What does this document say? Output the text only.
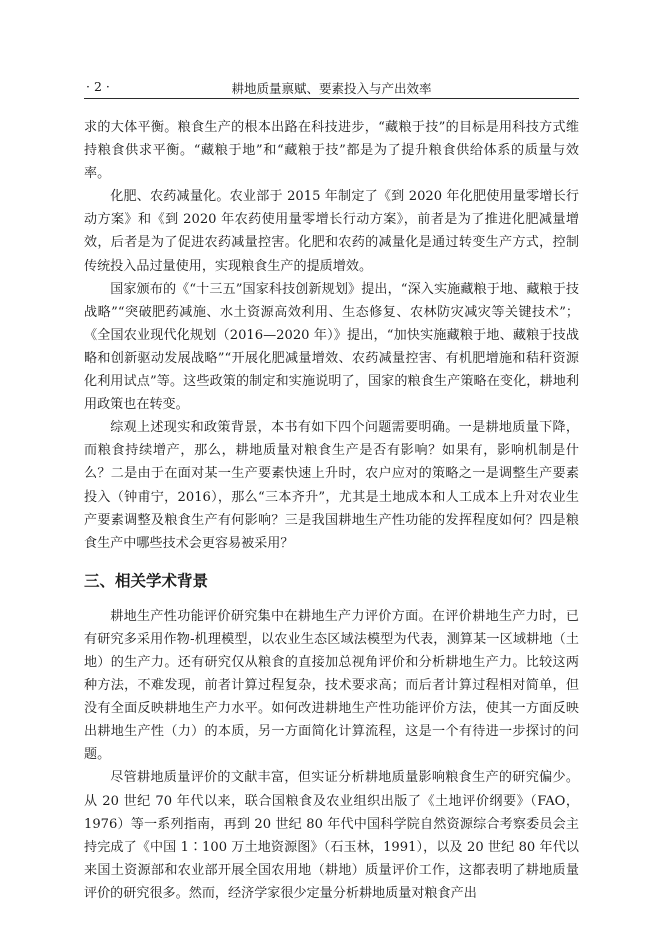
· 2 ·	耕地质量禀赋、要素投入与产出效率

求的大体平衡。粮食生产的根本出路在科技进步，“藏粮于技”的目标是用科技方式维持粮食供求平衡。“藏粮于地”和“藏粮于技”都是为了提升粮食供给体系的质量与效率。

化肥、农药减量化。农业部于 2015 年制定了《到 2020 年化肥使用量零增长行动方案》和《到 2020 年农药使用量零增长行动方案》，前者是为了推进化肥减量增效，后者是为了促进农药减量控害。化肥和农药的减量化是通过转变生产方式，控制传统投入品过量使用，实现粮食生产的提质增效。

国家颁布的《“十三五”国家科技创新规划》提出，“深入实施藏粮于地、藏粮于技战略”“突破肥药减施、水土资源高效利用、生态修复、农林防灾减灾等关键技术”；《全国农业现代化规划（2016—2020 年）》提出，“加快实施藏粮于地、藏粮于技战略和创新驱动发展战略”“开展化肥减量增效、农药减量控害、有机肥增施和秸秆资源化利用试点”等。这些政策的制定和实施说明了，国家的粮食生产策略在变化，耕地利用政策也在转变。

综观上述现实和政策背景，本书有如下四个问题需要明确。一是耕地质量下降，而粮食持续增产，那么，耕地质量对粮食生产是否有影响？如果有，影响机制是什么？二是由于在面对某一生产要素快速上升时，农户应对的策略之一是调整生产要素投入（钟甫宁，2016），那么“三本齐升”，尤其是土地成本和人工成本上升对农业生产要素调整及粮食生产有何影响？三是我国耕地生产性功能的发挥程度如何？四是粮食生产中哪些技术会更容易被采用？

三、相关学术背景

耕地生产性功能评价研究集中在耕地生产力评价方面。在评价耕地生产力时，已有研究多采用作物-机理模型，以农业生态区域法模型为代表，测算某一区域耕地（土地）的生产力。还有研究仅从粮食的直接加总视角评价和分析耕地生产力。比较这两种方法，不难发现，前者计算过程复杂，技术要求高；而后者计算过程相对简单，但没有全面反映耕地生产力水平。如何改进耕地生产性功能评价方法，使其一方面反映出耕地生产性（力）的本质，另一方面简化计算流程，这是一个有待进一步探讨的问题。

尽管耕地质量评价的文献丰富，但实证分析耕地质量影响粮食生产的研究偏少。从 20 世纪 70 年代以来，联合国粮食及农业组织出版了《土地评价纲要》（FAO，1976）等一系列指南，再到 20 世纪 80 年代中国科学院自然资源综合考察委员会主持完成了《中国 1∶100 万土地资源图》（石玉林，1991），以及 20 世纪 80 年代以来国土资源部和农业部开展全国农用地（耕地）质量评价工作，这都表明了耕地质量评价的研究很多。然而，经济学家很少定量分析耕地质量对粮食产出
